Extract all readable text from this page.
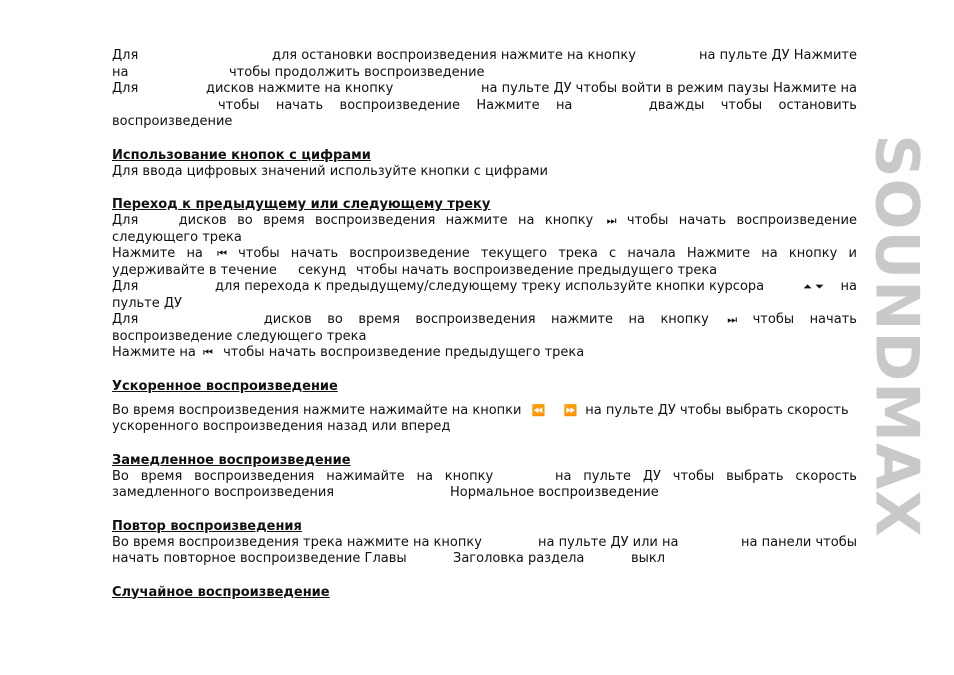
SOUNDMAX
Для	для остановки воспроизведения нажмите на кнопку	на пульте ДУ Нажмите
на	чтобы продолжить воспроизведение
Для	дисков нажмите на кнопку	на пульте ДУ чтобы войти в режим паузы Нажмите на
чтобы начать воспроизведение Нажмите на	дважды чтобы остановить
воспроизведение
Использование кнопок с цифрами
Для ввода цифровых значений используйте кнопки с цифрами
Переход к предыдущему или следующему треку
Для	дисков во время воспроизведения нажмите на кнопку ⏭ чтобы начать воспроизведение
следующего трека
Нажмите на ⏮ чтобы начать воспроизведение текущего трека с начала Нажмите на кнопку и
удерживайте в течение секунд чтобы начать воспроизведение предыдущего трека
Для	для перехода к предыдущему/следующему треку используйте кнопки курсора	⏶ ⏷ на
пульте ДУ
Для	дисков во время воспроизведения нажмите на кнопку ⏭ чтобы начать
воспроизведение следующего трека
Нажмите на ⏮ чтобы начать воспроизведение предыдущего трека
Ускоренное воспроизведение
Во время воспроизведения нажмите нажимайте на кнопки ⏪ ⏩ на пульте ДУ чтобы выбрать скорость
ускоренного воспроизведения назад или вперед
Замедленное воспроизведение
Во время воспроизведения нажимайте на кнопку	на пульте ДУ чтобы выбрать скорость
замедленного воспроизведения	Нормальное воспроизведение
Повтор воспроизведения
Во время воспроизведения трека нажмите на кнопку	на пульте ДУ или на	на панели чтобы
начать повторное воспроизведение Главы	Заголовка раздела	выкл
Случайное воспроизведение
